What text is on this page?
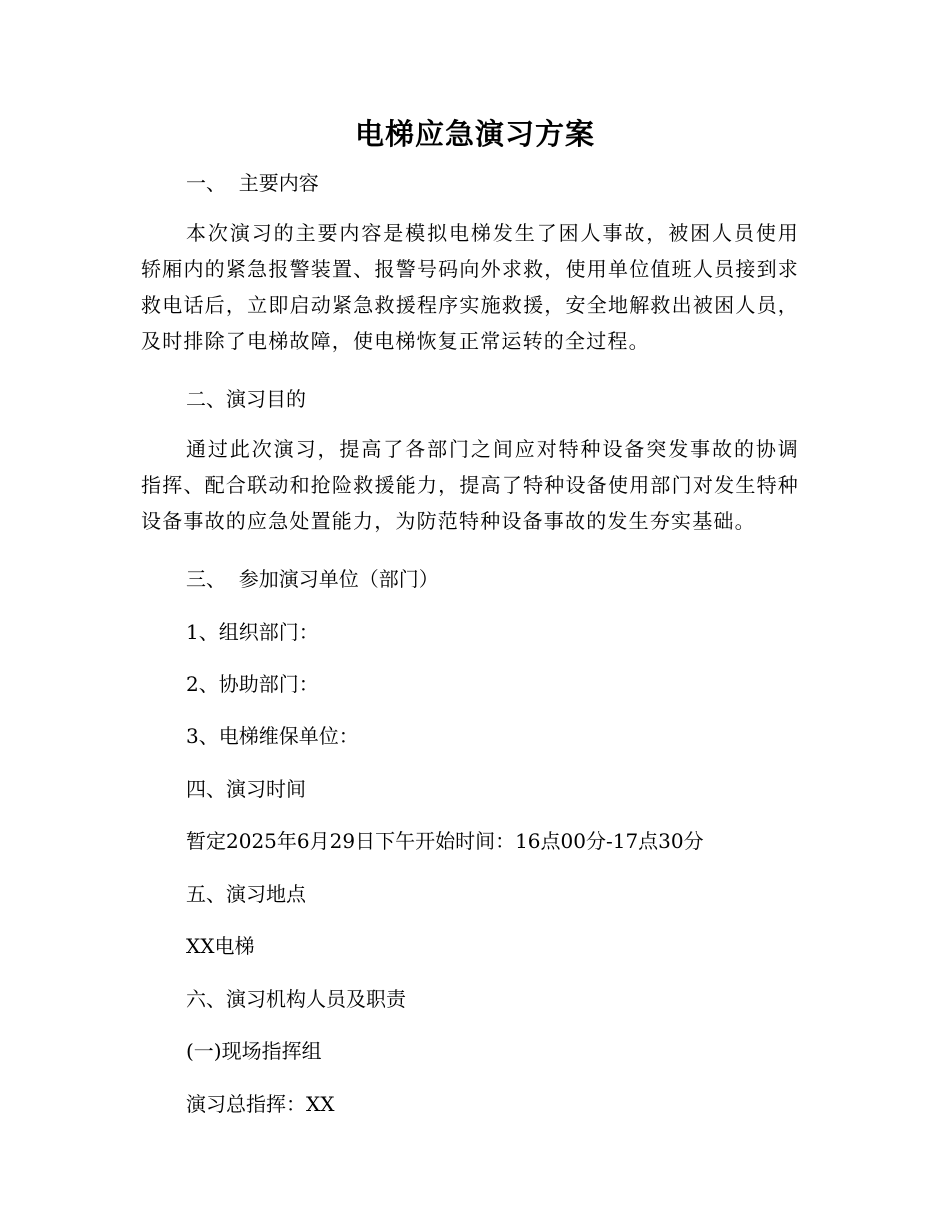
电梯应急演习方案
一、  主要内容
本次演习的主要内容是模拟电梯发生了困人事故，被困人员使用轿厢内的紧急报警装置、报警号码向外求救，使用单位值班人员接到求救电话后，立即启动紧急救援程序实施救援，安全地解救出被困人员，及时排除了电梯故障，使电梯恢复正常运转的全过程。
二、演习目的
通过此次演习，提高了各部门之间应对特种设备突发事故的协调指挥、配合联动和抢险救援能力，提高了特种设备使用部门对发生特种设备事故的应急处置能力，为防范特种设备事故的发生夯实基础。
三、  参加演习单位（部门）
1、组织部门：
2、协助部门：
3、电梯维保单位：
四、演习时间
暂定2025年6月29日下午开始时间：16点00分-17点30分
五、演习地点
XX电梯
六、演习机构人员及职责
(一)现场指挥组
演习总指挥：XX
